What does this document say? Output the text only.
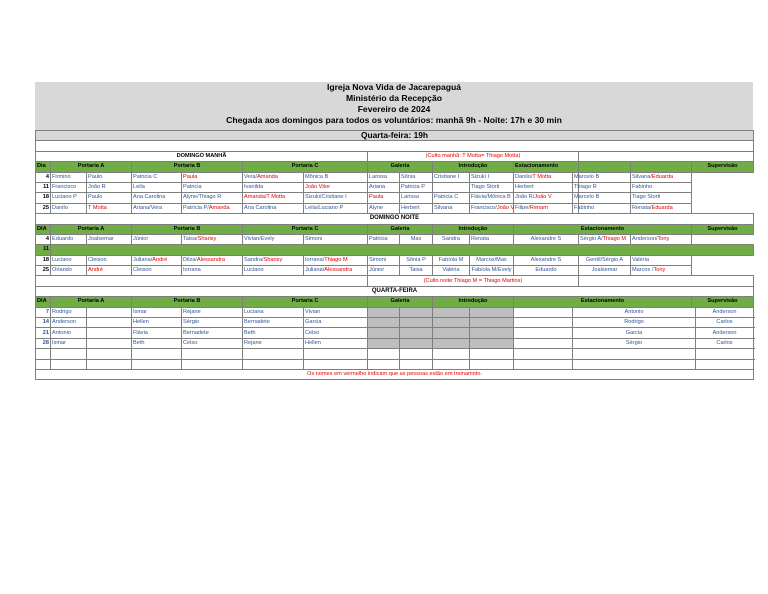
Igreja Nova Vida de Jacarepaguá
Ministério da Recepção
Fevereiro de 2024
Chegada aos domingos para todos os voluntários: manhã 9h - Noite: 17h e 30 min
Quarta-feira: 19h																

DOMINGO MANHÃ							(Culto manhã: T Motta= Thiago Motta)									
Dia	Portaria A		Portaria B		Portaria C		Galeria		Introdução		Estacionamento				Supervisão	
4	Firmino	Paulo	Patricia C	Paula	Vera/Amanda	Mônica B	Larissa	Sônia	Cristiane I	Sizuki I	Danilo/T Motta	Marcelo B		Silvana/Eduarda		
11	Francisco	João R	Leila	Patricia	Ivanilda	João Vitor	Ariana	Patricia P		Tiago Storti	Herbert	Thiago R		Fabinho		
18	Luciano P	Paulo	Ana Carolina	Alyne/Thiago R	Amanda/T Motta	Sizuki/Cristiane I	Paula	Larissa	Patricia C	Flávia/Mônica B	João R/João V	Marcelo B		Tiago Storti		
25	Danilo	T Motta	Ariana/Vera	Patrícia P/Amanda	Ana Carolina	Leila/Luciano P	Alyne	Herbert	Silvana	Francisco/João V	Filipe/Renam	Fabinho		Renata/Eduarda		
DOMINGO NOITE																
DIA	Portaria A		Portaria B		Portaria C		Galeria		Introdução		Estacionamento				Supervisão	
4	Eduardo	Joalsemar	Júnior	Taisa/Sharisy	Vivian/Evely	Simoni	Patricia	Max	Sandra	Renata	Alexandre S		Sérgio A/Thiago M	Anderson/Tony		
11																
18	Luciano	Cleison	Juliana/André	Dilza/Alessandra	Sandra/Sharisy	Iorrana/Thiago M	Simoni	Sônia P	Fabíola M	Marcos/Max	Alexandre S		Gentil/Sérgio A	Valéria		
25	Orlando	André	Cleison	Iorrana	Luciano	Juliana/Alessandra	Júnior	Taisa	Valéria	Fabíola M/Evely	Eduardo		Joalsemar	Marcos /Tony		
							(Culto noite:Thiago M = Thiago Martins)									
QUARTA-FEIRA																
DIA	Portaria A		Portaria B		Portaria C		Galeria		Introdução		Estacionamento				Supervisão	
7	Rodrigo		Ismar	Rejane	Luciana	Vivian						Antonio				Anderson
14	Anderson		Hellen	Sérgio	Bernadete	Garcia						Rodrigo				Carlos
21	Antonio		Flávia	Bernadete	Beth	Celso						Garcia				Anderson
28	Ismar		Beth	Celso	Rejane	Hellen						Sérgio				Carlos

Os nomes em vermelho indicam que as pessoas estão em treinamnto.																
